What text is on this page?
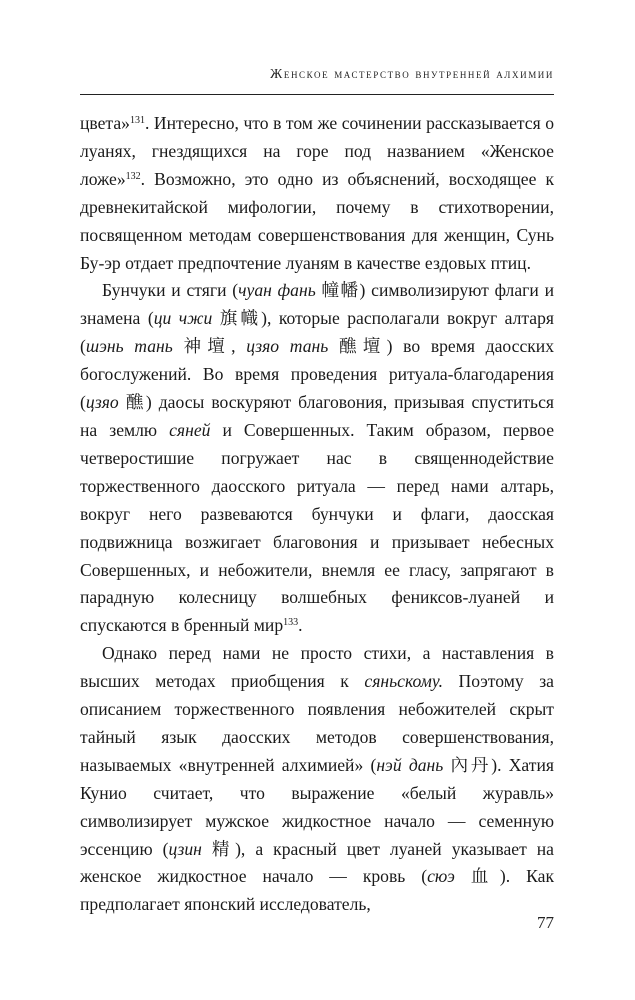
Женское мастерство внутренней алхимии

цвета»$^{131}$. Интересно, что в том же сочинении рассказывается о луанях, гнездящихся на горе под названием «Женское ложе»$^{132}$. Возможно, это одно из объяснений, восходящее к древнекитайской мифологии, почему в стихотворении, посвященном методам совершенствования для женщин, Сунь Бу-эр отдает предпочтение луаням в качестве ездовых птиц.

Бунчуки и стяги (чуан фань 幢幡) символизируют флаги и знамена (ци чжи 旗幟), которые располагали вокруг алтаря (шэнь тань 神壇, цзяо тань 醮壇) во время даосских богослужений. Во время проведения ритуала-благодарения (цзяо 醮) даосы воскуряют благовония, призывая спуститься на землю сяней и Совершенных. Таким образом, первое четверостишие погружает нас в священнодействие торжественного даосского ритуала — перед нами алтарь, вокруг него развеваются бунчуки и флаги, даосская подвижница возжигает благовония и призывает небесных Совершенных, и небожители, внемля ее гласу, запрягают в парадную колесницу волшебных фениксов-луаней и спускаются в бренный мир$^{133}$.

Однако перед нами не просто стихи, а наставления в высших методах приобщения к сяньскому. Поэтому за описанием торжественного появления небожителей скрыт тайный язык даосских методов совершенствования, называемых «внутренней алхимией» (нэй дань 內丹). Хатия Кунио считает, что выражение «белый журавль» символизирует мужское жидкостное начало — семенную эссенцию (цзин 精), а красный цвет луаней указывает на женское жидкостное начало — кровь (сюэ 血). Как предполагает японский исследователь,

77
